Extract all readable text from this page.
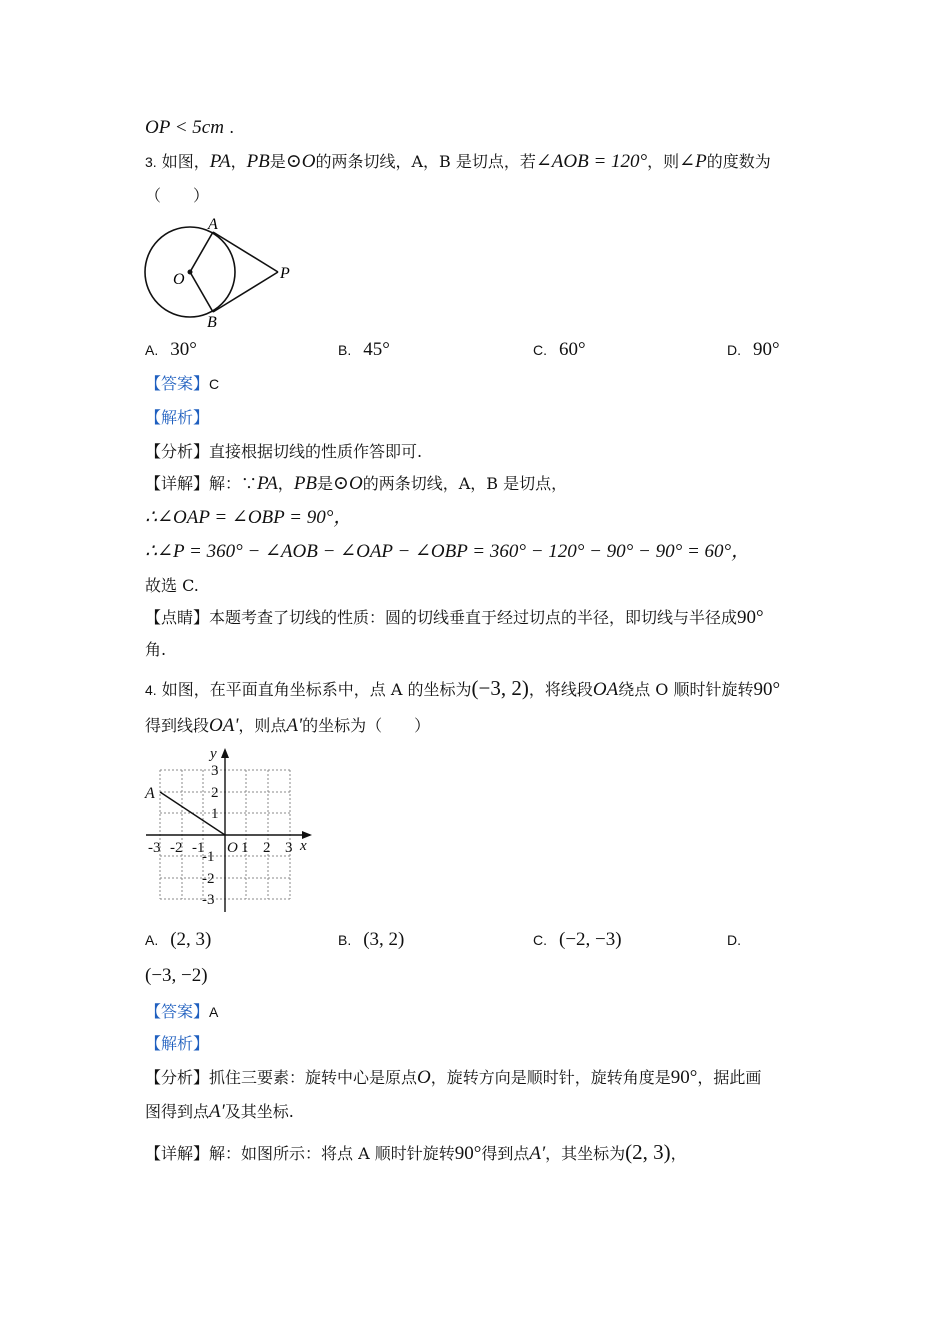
OP < 5cm .
3. 如图，PA，PB是⊙O的两条切线，A，B 是切点，若∠AOB = 120°，则∠P的度数为
（　　）
A
O	P
B
A. 30°	B. 45°	C. 60°	D. 90°
【答案】C
【解析】
【分析】直接根据切线的性质作答即可.
【详解】解：∵PA，PB是⊙O的两条切线，A，B 是切点，
∴∠OAP = ∠OBP = 90°，
∴∠P = 360° − ∠AOB − ∠OAP − ∠OBP = 360° − 120° − 90° − 90° = 60°，
故选 C.
【点睛】本题考查了切线的性质：圆的切线垂直于经过切点的半径，即切线与半径成90°
角.
4. 如图，在平面直角坐标系中，点 A 的坐标为(−3, 2)，将线段OA绕点 O 顺时针旋转90°
得到线段OA'，则点A'的坐标为（　　）
y
x
A
O
3
2
1
-1
-2
-3
-3 -2 -1 1 2 3
A. (2, 3)	B. (3, 2)	C. (−2, −3)	D.
(−3, −2)
【答案】A
【解析】
【分析】抓住三要素：旋转中心是原点O，旋转方向是顺时针，旋转角度是90°，据此画
图得到点A′及其坐标.
【详解】解：如图所示：将点 A 顺时针旋转90°得到点A′，其坐标为(2, 3)，
